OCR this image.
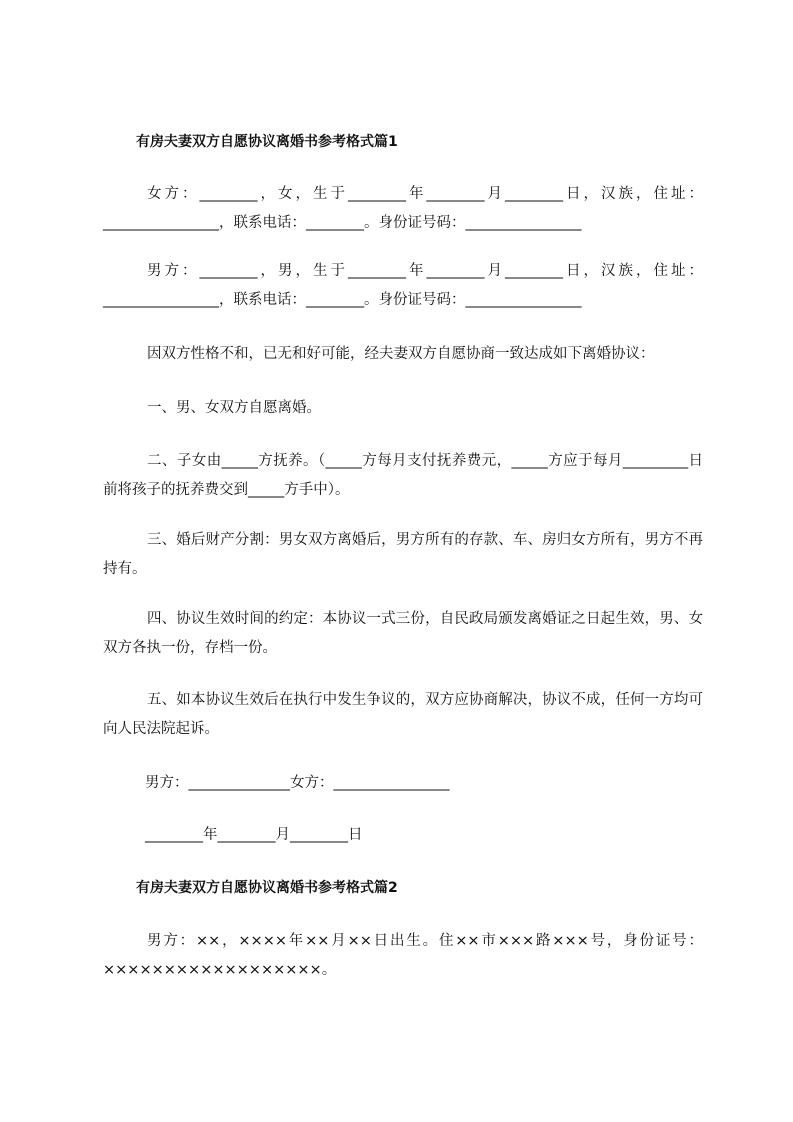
有房夫妻双方自愿协议离婚书参考格式篇1
女方：________，女，生于________年________月________日，汉族，住址：________________，联系电话：________。身份证号码：________________
男方：________，男，生于________年________月________日，汉族，住址：________________，联系电话：________。身份证号码：________________
因双方性格不和，已无和好可能，经夫妻双方自愿协商一致达成如下离婚协议：
一、男、女双方自愿离婚。
二、子女由_____方抚养。（_____方每月支付抚养费元，_____方应于每月_________日前将孩子的抚养费交到_____方手中）。
三、婚后财产分割：男女双方离婚后，男方所有的存款、车、房归女方所有，男方不再持有。
四、协议生效时间的约定：本协议一式三份，自民政局颁发离婚证之日起生效，男、女双方各执一份，存档一份。
五、如本协议生效后在执行中发生争议的，双方应协商解决，协议不成，任何一方均可向人民法院起诉。
男方：______________女方：________________
________年________月________日
有房夫妻双方自愿协议离婚书参考格式篇2
男方：××，××××年××月××日出生。住××市×××路×××号，身份证号：××××××××××××××××××。
